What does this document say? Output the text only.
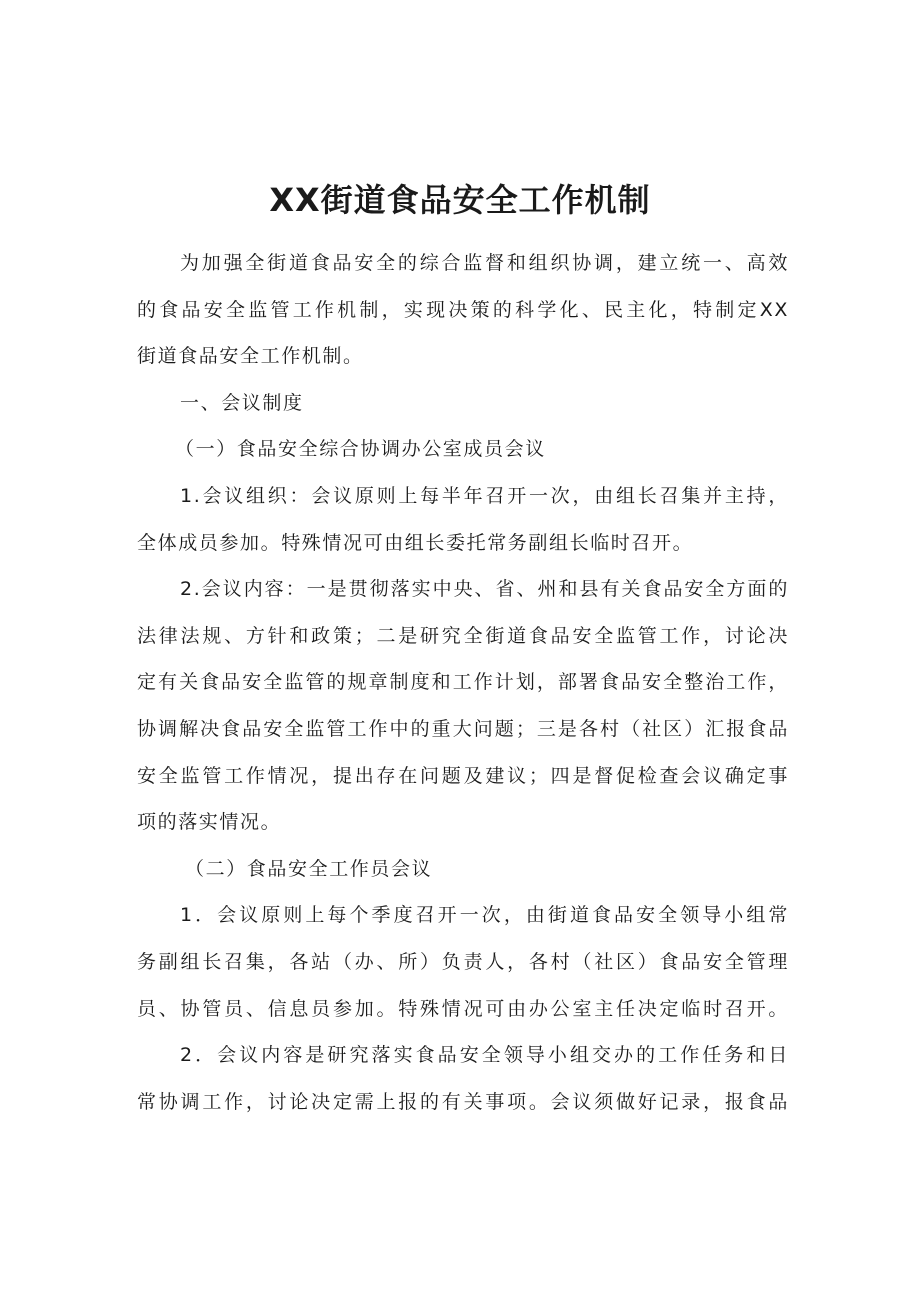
XX街道食品安全工作机制
为加强全街道食品安全的综合监督和组织协调，建立统一、高效
的食品安全监管工作机制，实现决策的科学化、民主化，特制定XX
街道食品安全工作机制。
一、会议制度
（一）食品安全综合协调办公室成员会议
1.会议组织：会议原则上每半年召开一次，由组长召集并主持，
全体成员参加。特殊情况可由组长委托常务副组长临时召开。
2.会议内容：一是贯彻落实中央、省、州和县有关食品安全方面的
法律法规、方针和政策；二是研究全街道食品安全监管工作，讨论决
定有关食品安全监管的规章制度和工作计划，部署食品安全整治工作，
协调解决食品安全监管工作中的重大问题；三是各村（社区）汇报食品
安全监管工作情况，提出存在问题及建议；四是督促检查会议确定事
项的落实情况。
（二）食品安全工作员会议
1．会议原则上每个季度召开一次，由街道食品安全领导小组常
务副组长召集，各站（办、所）负责人，各村（社区）食品安全管理
员、协管员、信息员参加。特殊情况可由办公室主任决定临时召开。
2．会议内容是研究落实食品安全领导小组交办的工作任务和日
常协调工作，讨论决定需上报的有关事项。会议须做好记录，报食品
